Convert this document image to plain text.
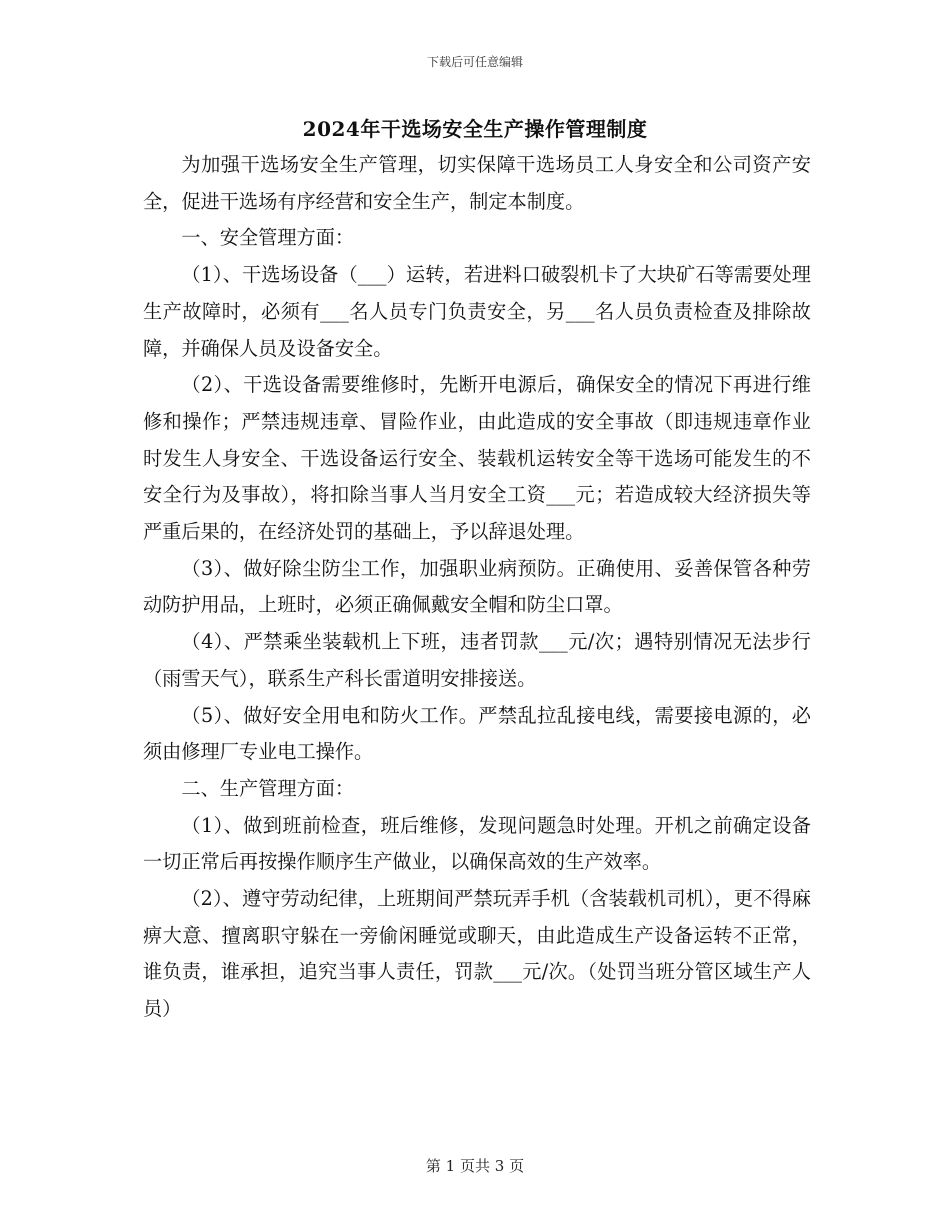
下载后可任意编辑
2024年干选场安全生产操作管理制度

为加强干选场安全生产管理，切实保障干选场员工人身安全和公司资产安全，促进干选场有序经营和安全生产，制定本制度。

一、安全管理方面：

（1）、干选场设备（___）运转，若进料口破裂机卡了大块矿石等需要处理生产故障时，必须有___名人员专门负责安全，另___名人员负责检查及排除故障，并确保人员及设备安全。

（2）、干选设备需要维修时，先断开电源后，确保安全的情况下再进行维修和操作；严禁违规违章、冒险作业，由此造成的安全事故（即违规违章作业时发生人身安全、干选设备运行安全、装载机运转安全等干选场可能发生的不安全行为及事故），将扣除当事人当月安全工资___元；若造成较大经济损失等严重后果的，在经济处罚的基础上，予以辞退处理。

（3）、做好除尘防尘工作，加强职业病预防。正确使用、妥善保管各种劳动防护用品，上班时，必须正确佩戴安全帽和防尘口罩。

（4）、严禁乘坐装载机上下班，违者罚款___元/次；遇特别情况无法步行（雨雪天气），联系生产科长雷道明安排接送。

（5）、做好安全用电和防火工作。严禁乱拉乱接电线，需要接电源的，必须由修理厂专业电工操作。

二、生产管理方面：

（1）、做到班前检查，班后维修，发现问题急时处理。开机之前确定设备一切正常后再按操作顺序生产做业，以确保高效的生产效率。

（2）、遵守劳动纪律，上班期间严禁玩弄手机（含装载机司机），更不得麻痹大意、擅离职守躲在一旁偷闲睡觉或聊天，由此造成生产设备运转不正常，谁负责，谁承担，追究当事人责任，罚款___元/次。（处罚当班分管区域生产人员）

第 1 页共 3 页
